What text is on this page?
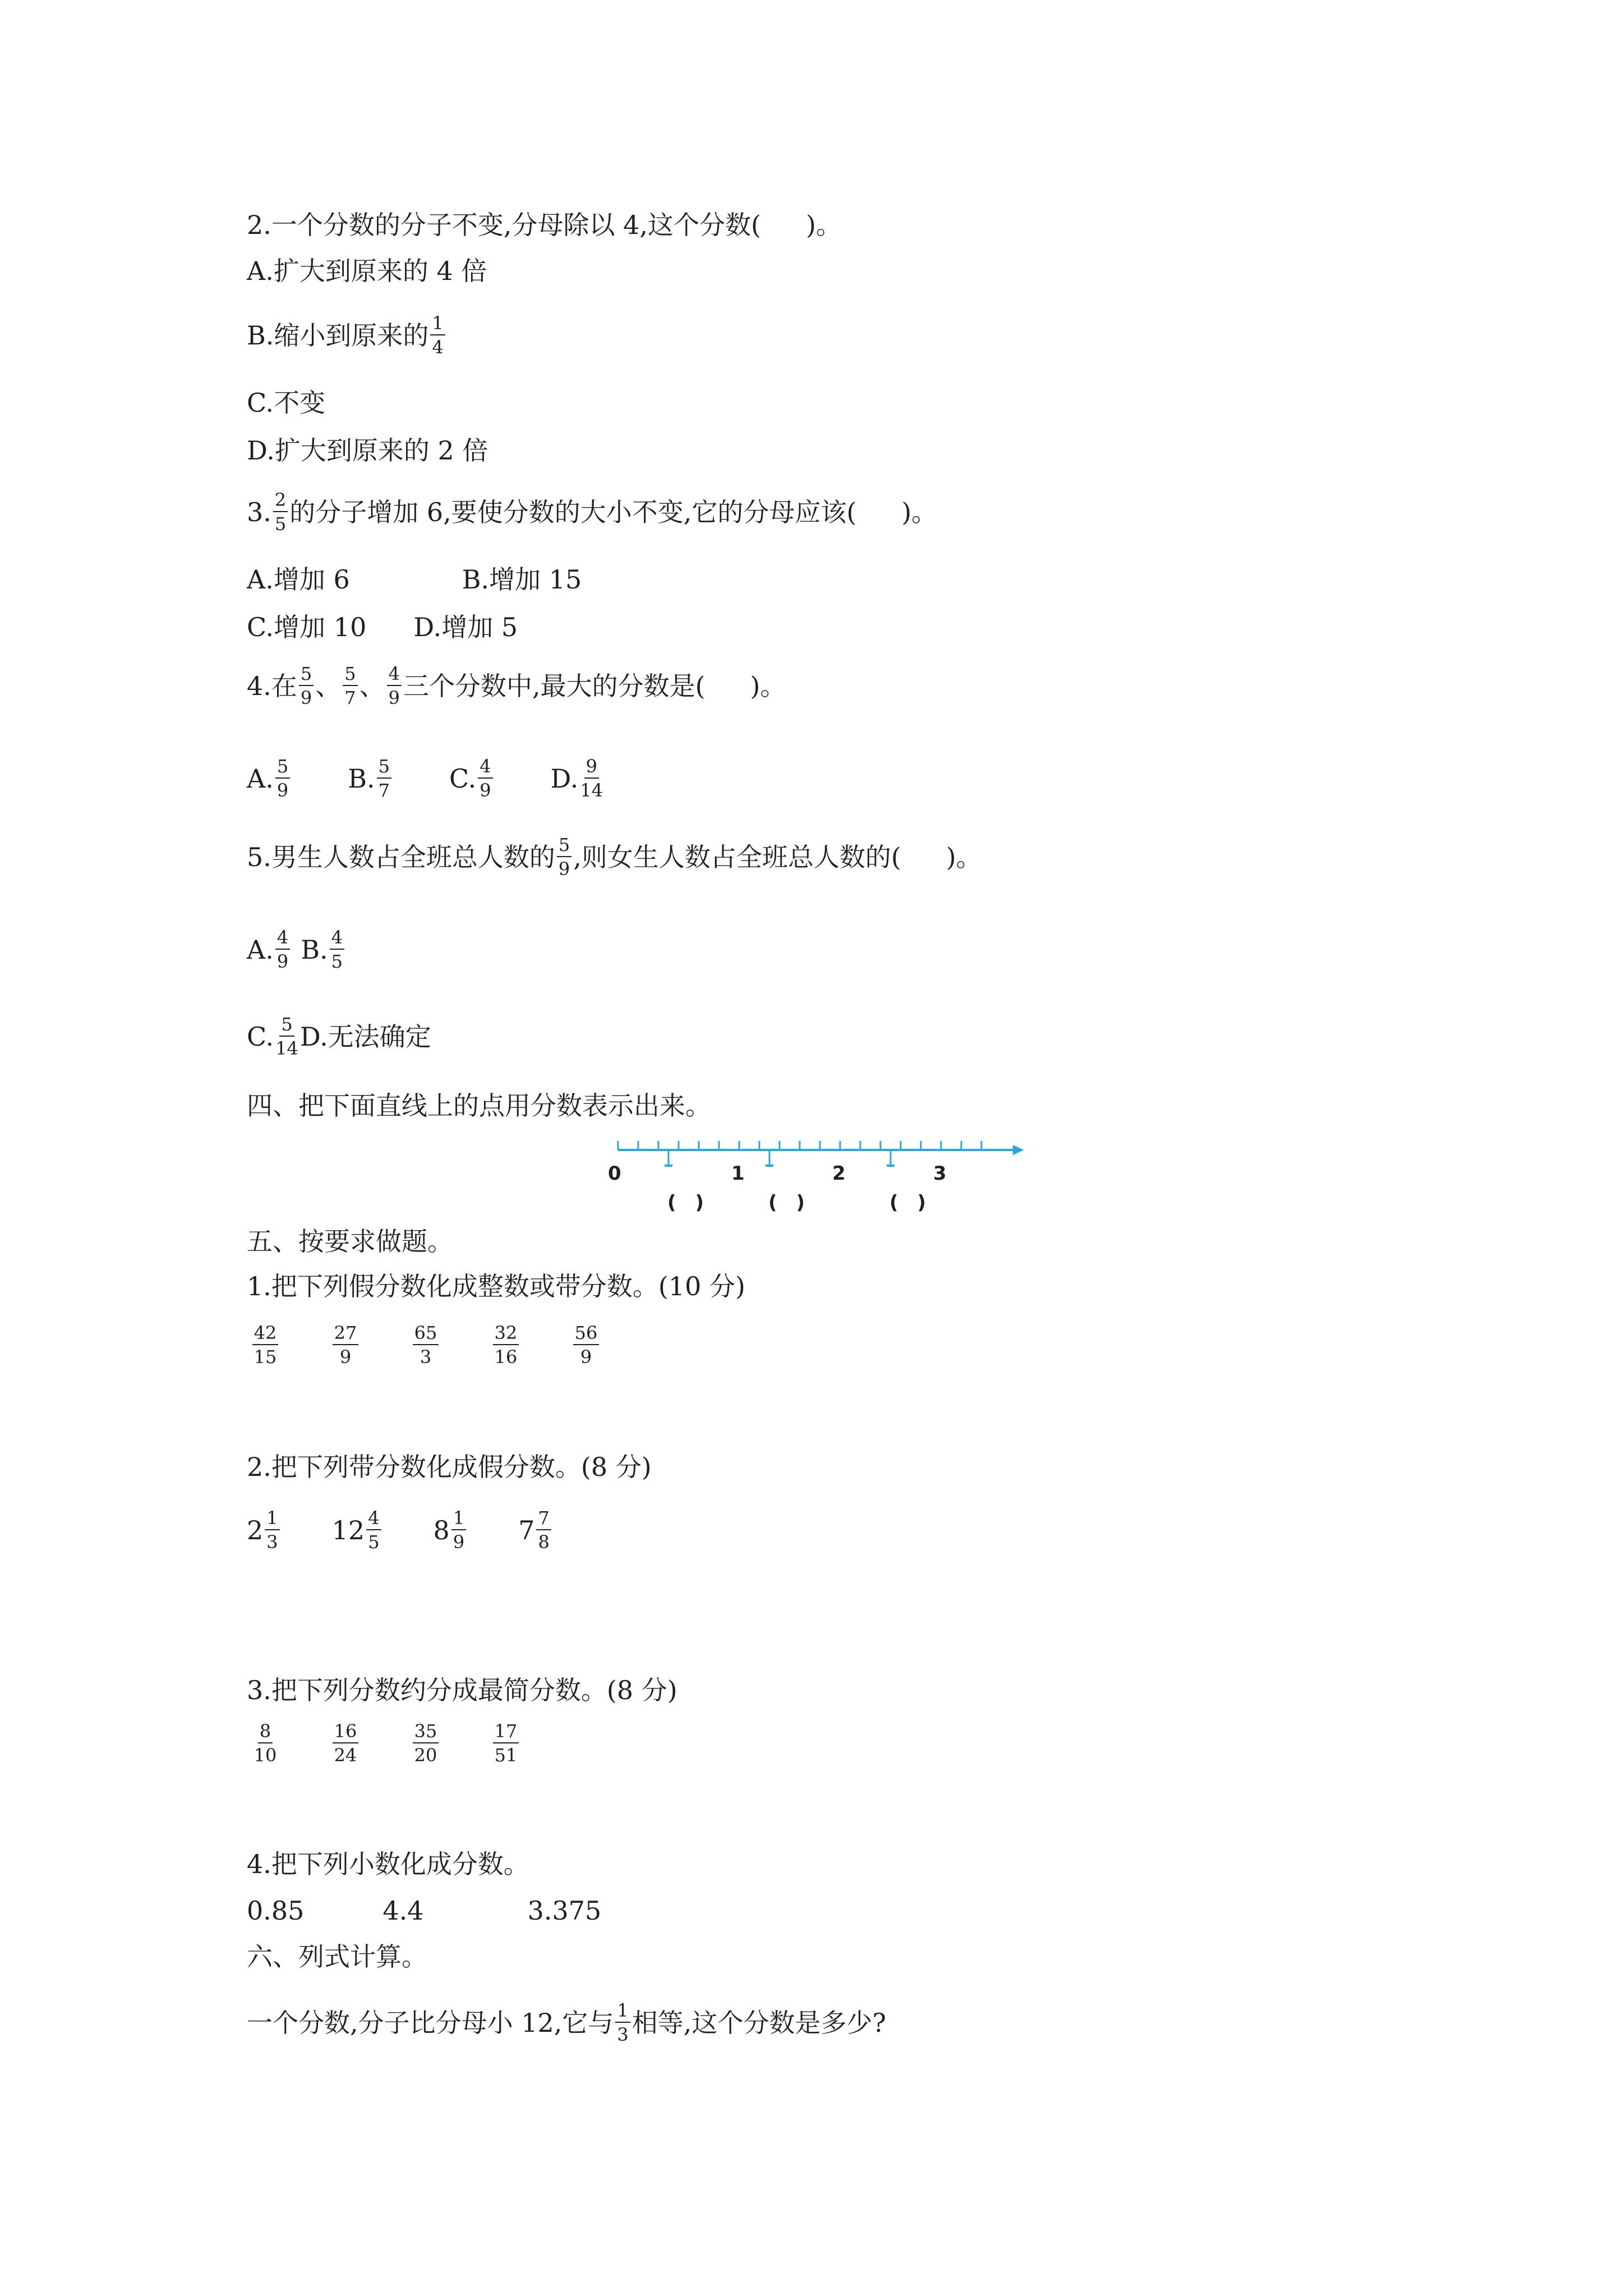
2.一个分数的分子不变,分母除以 4,这个分数( )。
A.扩大到原来的 4 倍
B.缩小到原来的 $\frac{1}{4}$
C.不变
D.扩大到原来的 2 倍
3. $\frac{2}{5}$ 的分子增加 6,要使分数的大小不变,它的分母应该( )。
A.增加 6	B.增加 15
C.增加 10 D.增加 5
4.在 $\frac{5}{9}$ 、 $\frac{5}{7}$ 、 $\frac{4}{9}$ 三个分数中,最大的分数是( )。
A. $\frac{5}{9} B$. $\frac{5}{7} C$. $\frac{4}{9} D$. $\frac{9}{14}$
5.男生人数占全班总人数的 $\frac{5}{9}$ ,则女生人数占全班总人数的( )。
A. $\frac{4}{9} B$. $\frac{4}{5}$
C. $\frac{5}{14} D$.无法确定
四、把下面直线上的点用分数表示出来。
0	1	2	3
(　)	(　)	(　)
五、按要求做题。
1.把下列假分数化成整数或带分数。(10 分)
$\frac{42}{15}$	$\frac{27}{9}$	$\frac{65}{3}$	$\frac{32}{16}$	$\frac{56}{9}$
2.把下列带分数化成假分数。(8 分)
$2 \frac{1}{3} 12 \frac{4}{5} 8 \frac{1}{9} 7 \frac{7}{8}$
3.把下列分数约分成最简分数。(8 分)
$\frac{8}{10}$	$\frac{16}{24}$	$\frac{35}{20}$	$\frac{17}{51}$
4.把下列小数化成分数。
0.85	4.4	3.375
六、列式计算。
一个分数,分子比分母小 12,它与 $\frac{1}{3}$ 相等,这个分数是多少?
